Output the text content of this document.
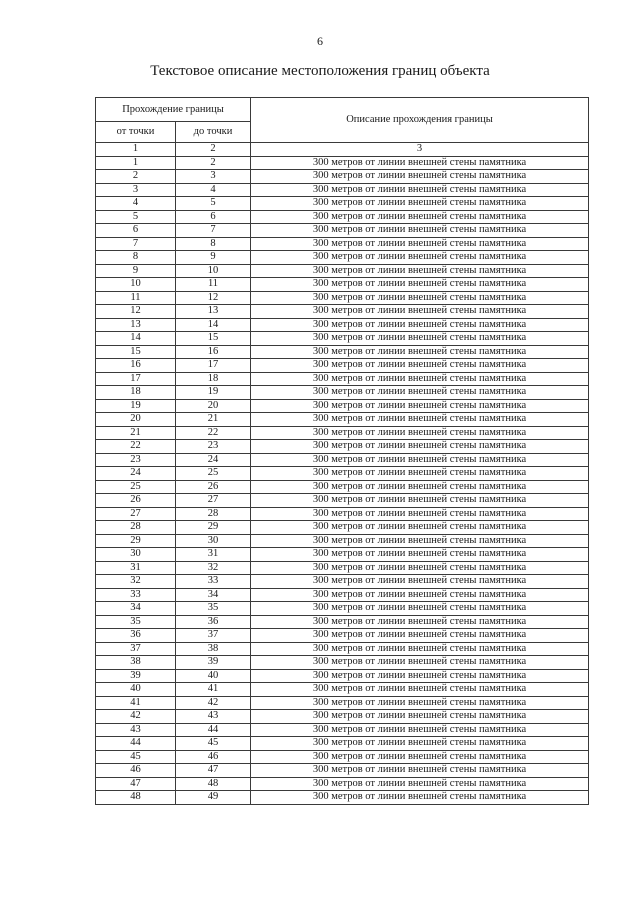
6
Текстовое описание местоположения границ объекта
Прохождение границы		Описание прохождения границы
от точки	до точки	
1	2	3
1	2	300 метров от линии внешней стены памятника
2	3	300 метров от линии внешней стены памятника
3	4	300 метров от линии внешней стены памятника
4	5	300 метров от линии внешней стены памятника
5	6	300 метров от линии внешней стены памятника
6	7	300 метров от линии внешней стены памятника
7	8	300 метров от линии внешней стены памятника
8	9	300 метров от линии внешней стены памятника
9	10	300 метров от линии внешней стены памятника
10	11	300 метров от линии внешней стены памятника
11	12	300 метров от линии внешней стены памятника
12	13	300 метров от линии внешней стены памятника
13	14	300 метров от линии внешней стены памятника
14	15	300 метров от линии внешней стены памятника
15	16	300 метров от линии внешней стены памятника
16	17	300 метров от линии внешней стены памятника
17	18	300 метров от линии внешней стены памятника
18	19	300 метров от линии внешней стены памятника
19	20	300 метров от линии внешней стены памятника
20	21	300 метров от линии внешней стены памятника
21	22	300 метров от линии внешней стены памятника
22	23	300 метров от линии внешней стены памятника
23	24	300 метров от линии внешней стены памятника
24	25	300 метров от линии внешней стены памятника
25	26	300 метров от линии внешней стены памятника
26	27	300 метров от линии внешней стены памятника
27	28	300 метров от линии внешней стены памятника
28	29	300 метров от линии внешней стены памятника
29	30	300 метров от линии внешней стены памятника
30	31	300 метров от линии внешней стены памятника
31	32	300 метров от линии внешней стены памятника
32	33	300 метров от линии внешней стены памятника
33	34	300 метров от линии внешней стены памятника
34	35	300 метров от линии внешней стены памятника
35	36	300 метров от линии внешней стены памятника
36	37	300 метров от линии внешней стены памятника
37	38	300 метров от линии внешней стены памятника
38	39	300 метров от линии внешней стены памятника
39	40	300 метров от линии внешней стены памятника
40	41	300 метров от линии внешней стены памятника
41	42	300 метров от линии внешней стены памятника
42	43	300 метров от линии внешней стены памятника
43	44	300 метров от линии внешней стены памятника
44	45	300 метров от линии внешней стены памятника
45	46	300 метров от линии внешней стены памятника
46	47	300 метров от линии внешней стены памятника
47	48	300 метров от линии внешней стены памятника
48	49	300 метров от линии внешней стены памятника
